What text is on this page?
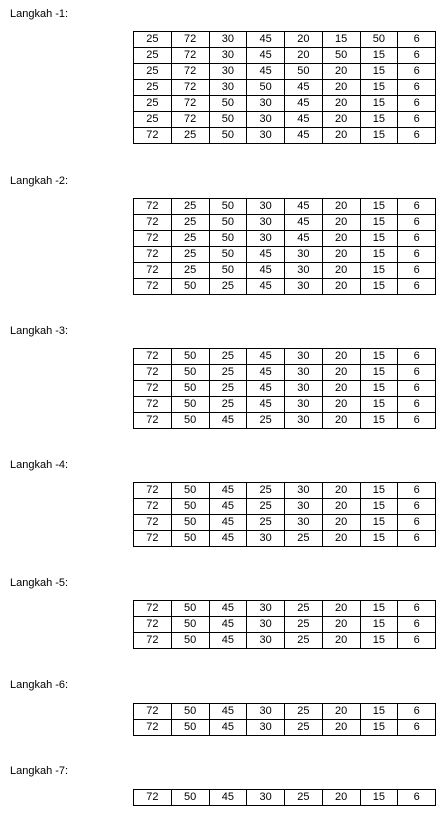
Langkah -1:
25	72	30	45	20	15	50	6
25	72	30	45	20	50	15	6
25	72	30	45	50	20	15	6
25	72	30	50	45	20	15	6
25	72	50	30	45	20	15	6
25	72	50	30	45	20	15	6
72	25	50	30	45	20	15	6
Langkah -2:
72	25	50	30	45	20	15	6
72	25	50	30	45	20	15	6
72	25	50	30	45	20	15	6
72	25	50	45	30	20	15	6
72	25	50	45	30	20	15	6
72	50	25	45	30	20	15	6
Langkah -3:
72	50	25	45	30	20	15	6
72	50	25	45	30	20	15	6
72	50	25	45	30	20	15	6
72	50	25	45	30	20	15	6
72	50	45	25	30	20	15	6
Langkah -4:
72	50	45	25	30	20	15	6
72	50	45	25	30	20	15	6
72	50	45	25	30	20	15	6
72	50	45	30	25	20	15	6
Langkah -5:
72	50	45	30	25	20	15	6
72	50	45	30	25	20	15	6
72	50	45	30	25	20	15	6
Langkah -6:
72	50	45	30	25	20	15	6
72	50	45	30	25	20	15	6
Langkah -7:
72	50	45	30	25	20	15	6
